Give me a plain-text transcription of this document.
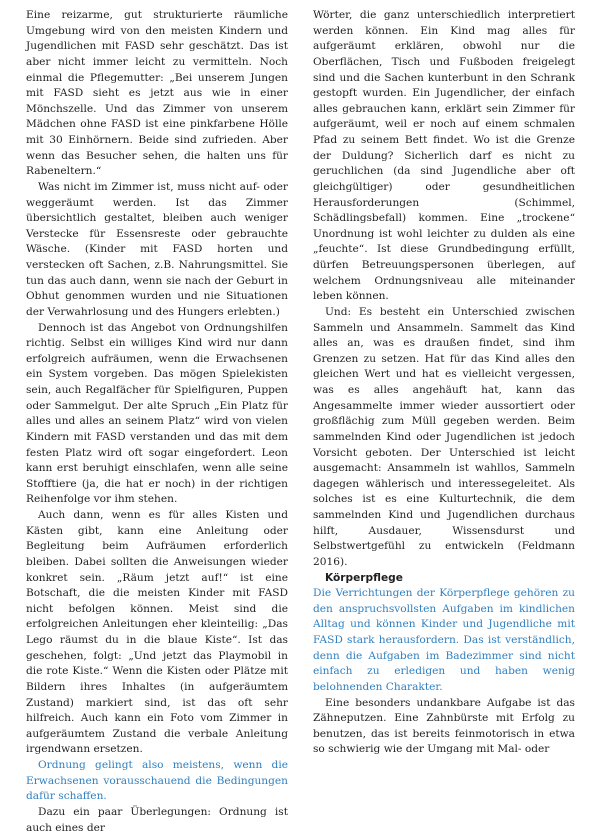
Eine reizarme, gut strukturierte räumliche Umgebung wird von den meisten Kindern und Jugendlichen mit FASD sehr geschätzt. Das ist aber nicht immer leicht zu vermitteln. Noch einmal die Pflegemutter: „Bei unserem Jungen mit FASD sieht es jetzt aus wie in einer Mönchszelle. Und das Zimmer von unserem Mädchen ohne FASD ist eine pinkfarbene Hölle mit 30 Einhörnern. Beide sind zufrieden. Aber wenn das Besucher sehen, die halten uns für Rabeneltern.“

Was nicht im Zimmer ist, muss nicht auf- oder weggeräumt werden. Ist das Zimmer übersichtlich gestaltet, bleiben auch weniger Verstecke für Essensreste oder gebrauchte Wäsche. (Kinder mit FASD horten und verstecken oft Sachen, z.B. Nahrungsmittel. Sie tun das auch dann, wenn sie nach der Geburt in Obhut genommen wurden und nie Situationen der Verwahrlosung und des Hungers erlebten.)

Dennoch ist das Angebot von Ordnungshilfen richtig. Selbst ein williges Kind wird nur dann erfolgreich aufräumen, wenn die Erwachsenen ein System vorgeben. Das mögen Spielekisten sein, auch Regalfächer für Spielfiguren, Puppen oder Sammelgut. Der alte Spruch „Ein Platz für alles und alles an seinem Platz“ wird von vielen Kindern mit FASD verstanden und das mit dem festen Platz wird oft sogar eingefordert. Leon kann erst beruhigt einschlafen, wenn alle seine Stofftiere (ja, die hat er noch) in der richtigen Reihenfolge vor ihm stehen.

Auch dann, wenn es für alles Kisten und Kästen gibt, kann eine Anleitung oder Begleitung beim Aufräumen erforderlich bleiben. Dabei sollten die Anweisungen wieder konkret sein. „Räum jetzt auf!“ ist eine Botschaft, die die meisten Kinder mit FASD nicht befolgen können. Meist sind die erfolgreichen Anleitungen eher kleinteilig: „Das Lego räumst du in die blaue Kiste“. Ist das geschehen, folgt: „Und jetzt das Playmobil in die rote Kiste.“ Wenn die Kisten oder Plätze mit Bildern ihres Inhaltes (in aufgeräumtem Zustand) markiert sind, ist das oft sehr hilfreich. Auch kann ein Foto vom Zimmer in aufgeräumtem Zustand die verbale Anleitung irgendwann ersetzen.

Ordnung gelingt also meistens, wenn die Erwachsenen vorausschauend die Bedingungen dafür schaffen.

Dazu ein paar Überlegungen: Ordnung ist auch eines der

Wörter, die ganz unterschiedlich interpretiert werden können. Ein Kind mag alles für aufgeräumt erklären, obwohl nur die Oberflächen, Tisch und Fußboden freigelegt sind und die Sachen kunterbunt in den Schrank gestopft wurden. Ein Jugendlicher, der einfach alles gebrauchen kann, erklärt sein Zimmer für aufgeräumt, weil er noch auf einem schmalen Pfad zu seinem Bett findet. Wo ist die Grenze der Duldung? Sicherlich darf es nicht zu geruchlichen (da sind Jugendliche aber oft gleichgültiger) oder gesundheitlichen Herausforderungen (Schimmel, Schädlingsbefall) kommen. Eine „trockene“ Unordnung ist wohl leichter zu dulden als eine „feuchte“. Ist diese Grundbedingung erfüllt, dürfen Betreuungspersonen überlegen, auf welchem Ordnungsniveau alle miteinander leben können.

Und: Es besteht ein Unterschied zwischen Sammeln und Ansammeln. Sammelt das Kind alles an, was es draußen findet, sind ihm Grenzen zu setzen. Hat für das Kind alles den gleichen Wert und hat es vielleicht vergessen, was es alles angehäuft hat, kann das Angesammelte immer wieder aussortiert oder großflächig zum Müll gegeben werden. Beim sammelnden Kind oder Jugendlichen ist jedoch Vorsicht geboten. Der Unterschied ist leicht ausgemacht: Ansammeln ist wahllos, Sammeln dagegen wählerisch und interessegeleitet. Als solches ist es eine Kulturtechnik, die dem sammelnden Kind und Jugendlichen durchaus hilft, Ausdauer, Wissensdurst und Selbstwertgefühl zu entwickeln (Feldmann 2016).

Körperpflege

Die Verrichtungen der Körperpflege gehören zu den anspruchsvollsten Aufgaben im kindlichen Alltag und können Kinder und Jugendliche mit FASD stark herausfordern. Das ist verständlich, denn die Aufgaben im Badezimmer sind nicht einfach zu erledigen und haben wenig belohnenden Charakter.

Eine besonders undankbare Aufgabe ist das Zähneputzen. Eine Zahnbürste mit Erfolg zu benutzen, das ist bereits feinmotorisch in etwa so schwierig wie der Umgang mit Mal- oder
